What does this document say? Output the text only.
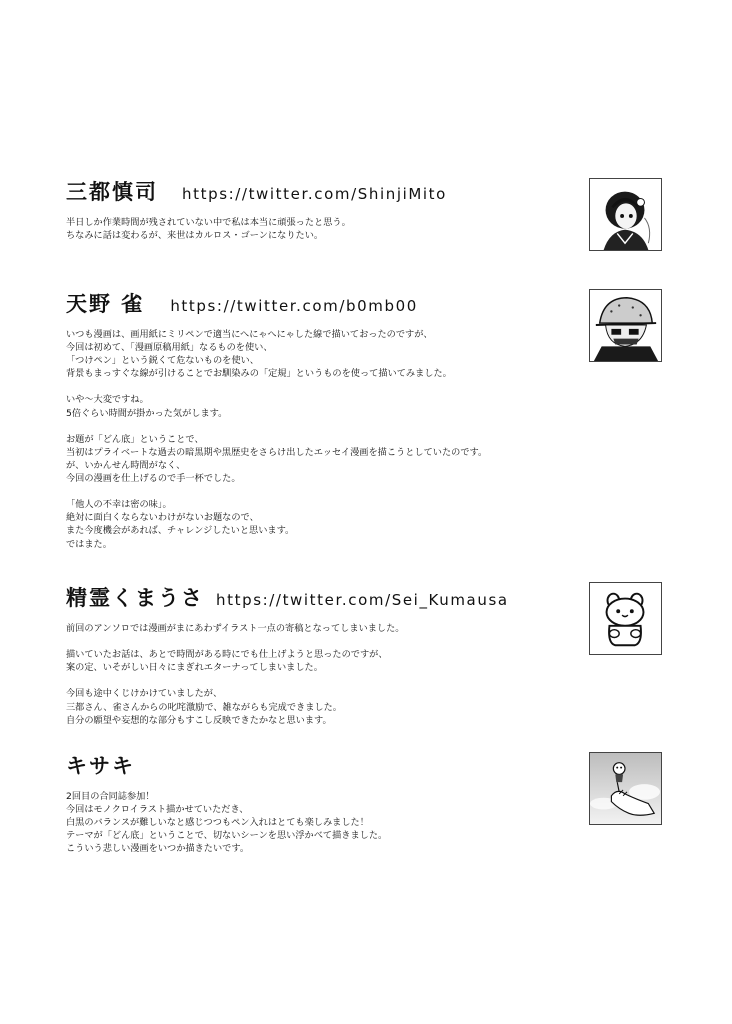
三都慎司 https://twitter.com/ShinjiMito
半日しか作業時間が残されていない中で私は本当に頑張ったと思う。
ちなみに話は変わるが、来世はカルロス・ゴーンになりたい。
天野 雀 https://twitter.com/b0mb00
いつも漫画は、画用紙にミリペンで適当にへにゃへにゃした線で描いておったのですが、
今回は初めて、「漫画原稿用紙」なるものを使い、
「つけペン」という鋭くて危ないものを使い、
背景もまっすぐな線が引けることでお馴染みの「定規」というものを使って描いてみました。

いや～大変ですね。
5倍ぐらい時間が掛かった気がします。

お題が「どん底」ということで、
当初はプライベートな過去の暗黒期や黒歴史をさらけ出したエッセイ漫画を描こうとしていたのです。
が、いかんせん時間がなく、
今回の漫画を仕上げるので手一杯でした。

「他人の不幸は密の味」。
絶対に面白くならないわけがないお題なので、
また今度機会があれば、チャレンジしたいと思います。
ではまた。
精霊くまうさ https://twitter.com/Sei_Kumausa
前回のアンソロでは漫画がまにあわずイラスト一点の寄稿となってしまいました。

描いていたお話は、あとで時間がある時にでも仕上げようと思ったのですが、
案の定、いそがしい日々にまぎれエターナってしまいました。

今回も途中くじけかけていましたが、
三都さん、雀さんからの叱咤激励で、雑ながらも完成できました。
自分の願望や妄想的な部分もすこし反映できたかなと思います。
キサキ
2回目の合同誌参加！
今回はモノクロイラスト描かせていただき、
白黒のバランスが難しいなと感じつつもペン入れはとても楽しみました！
テーマが「どん底」ということで、切ないシーンを思い浮かべて描きました。
こういう悲しい漫画をいつか描きたいです。
